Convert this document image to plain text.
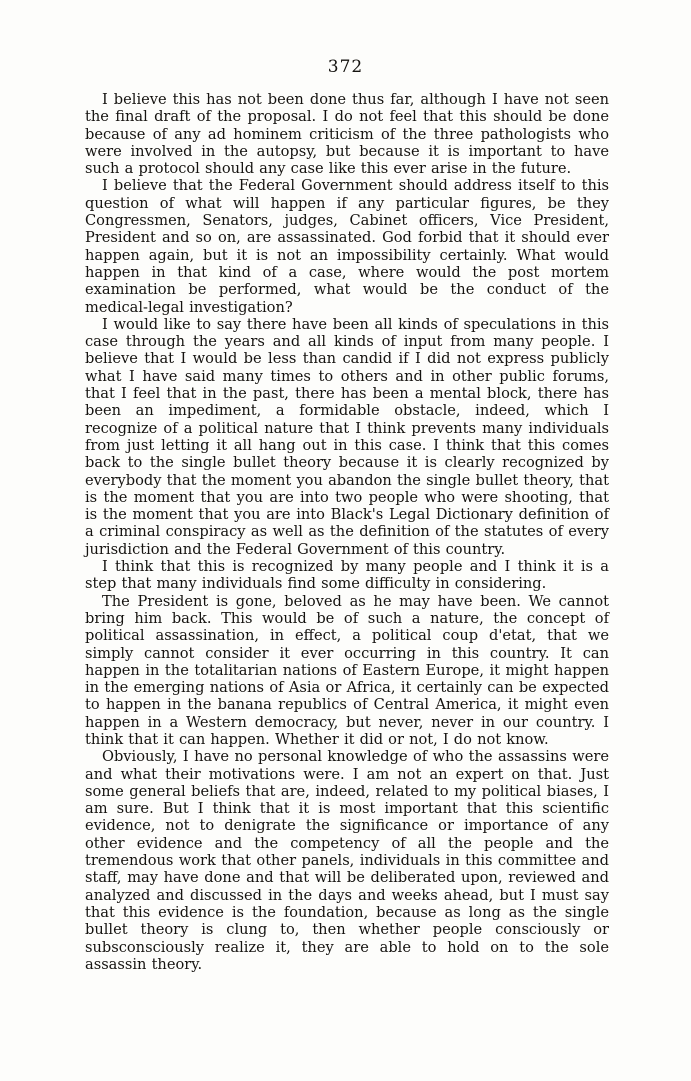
372

I believe this has not been done thus far, although I have not seen the final draft of the proposal. I do not feel that this should be done because of any ad hominem criticism of the three pathologists who were involved in the autopsy, but because it is important to have such a protocol should any case like this ever arise in the future.

I believe that the Federal Government should address itself to this question of what will happen if any particular figures, be they Congressmen, Senators, judges, Cabinet officers, Vice President, President and so on, are assassinated. God forbid that it should ever happen again, but it is not an impossibility certainly. What would happen in that kind of a case, where would the post mortem examination be performed, what would be the conduct of the medical-legal investigation?

I would like to say there have been all kinds of speculations in this case through the years and all kinds of input from many people. I believe that I would be less than candid if I did not express publicly what I have said many times to others and in other public forums, that I feel that in the past, there has been a mental block, there has been an impediment, a formidable obstacle, indeed, which I recognize of a political nature that I think prevents many individuals from just letting it all hang out in this case. I think that this comes back to the single bullet theory because it is clearly recognized by everybody that the moment you abandon the single bullet theory, that is the moment that you are into two people who were shooting, that is the moment that you are into Black's Legal Dictionary definition of a criminal conspiracy as well as the definition of the statutes of every jurisdiction and the Federal Government of this country.

I think that this is recognized by many people and I think it is a step that many individuals find some difficulty in considering.

The President is gone, beloved as he may have been. We cannot bring him back. This would be of such a nature, the concept of political assassination, in effect, a political coup d'etat, that we simply cannot consider it ever occurring in this country. It can happen in the totalitarian nations of Eastern Europe, it might happen in the emerging nations of Asia or Africa, it certainly can be expected to happen in the banana republics of Central America, it might even happen in a Western democracy, but never, never in our country. I think that it can happen. Whether it did or not, I do not know.

Obviously, I have no personal knowledge of who the assassins were and what their motivations were. I am not an expert on that. Just some general beliefs that are, indeed, related to my political biases, I am sure. But I think that it is most important that this scientific evidence, not to denigrate the significance or importance of any other evidence and the competency of all the people and the tremendous work that other panels, individuals in this committee and staff, may have done and that will be deliberated upon, reviewed and analyzed and discussed in the days and weeks ahead, but I must say that this evidence is the foundation, because as long as the single bullet theory is clung to, then whether people consciously or subsconsciously realize it, they are able to hold on to the sole assassin theory.
